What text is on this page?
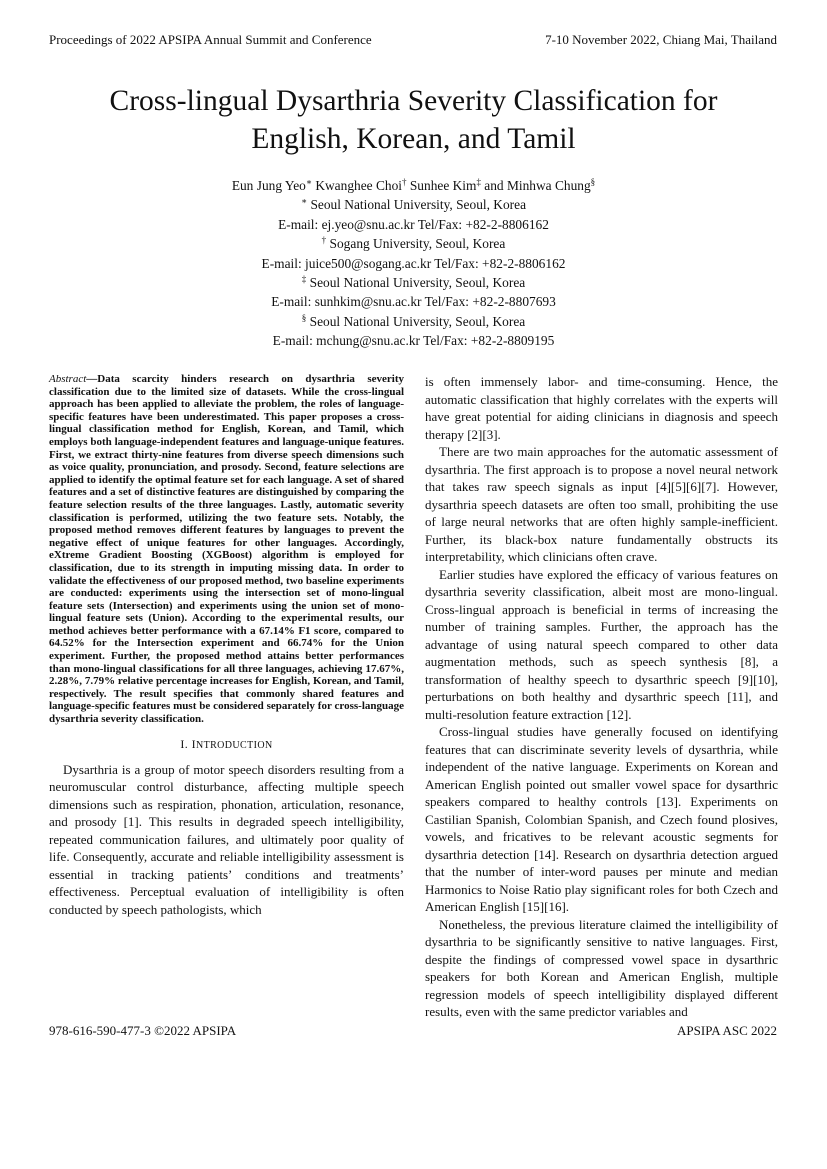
Proceedings of 2022 APSIPA Annual Summit and Conference	7-10 November 2022, Chiang Mai, Thailand
Cross-lingual Dysarthria Severity Classification for
English, Korean, and Tamil
Eun Jung Yeo∗ Kwanghee Choi† Sunhee Kim‡ and Minhwa Chung§
∗ Seoul National University, Seoul, Korea
E-mail: ej.yeo@snu.ac.kr Tel/Fax: +82-2-8806162
† Sogang University, Seoul, Korea
E-mail: juice500@sogang.ac.kr Tel/Fax: +82-2-8806162
‡ Seoul National University, Seoul, Korea
E-mail: sunhkim@snu.ac.kr Tel/Fax: +82-2-8807693
§ Seoul National University, Seoul, Korea
E-mail: mchung@snu.ac.kr Tel/Fax: +82-2-8809195

Abstract—Data scarcity hinders research on dysarthria severity classification due to the limited size of datasets. While the cross-lingual approach has been applied to alleviate the problem, the roles of language-specific features have been underestimated. This paper proposes a cross-lingual classification method for English, Korean, and Tamil, which employs both language-independent features and language-unique features. First, we extract thirty-nine features from diverse speech dimensions such as voice quality, pronunciation, and prosody. Second, feature selections are applied to identify the optimal feature set for each language. A set of shared features and a set of distinctive features are distinguished by comparing the feature selection results of the three languages. Lastly, automatic severity classification is performed, utilizing the two feature sets. Notably, the proposed method removes different features by languages to prevent the negative effect of unique features for other languages. Accordingly, eXtreme Gradient Boosting (XGBoost) algorithm is employed for classification, due to its strength in imputing missing data. In order to validate the effectiveness of our proposed method, two baseline experiments are conducted: experiments using the intersection set of mono-lingual feature sets (Intersection) and experiments using the union set of mono-lingual feature sets (Union). According to the experimental results, our method achieves better performance with a 67.14% F1 score, compared to 64.52% for the Intersection experiment and 66.74% for the Union experiment. Further, the proposed method attains better performances than mono-lingual classifications for all three languages, achieving 17.67%, 2.28%, 7.79% relative percentage increases for English, Korean, and Tamil, respectively. The result specifies that commonly shared features and language-specific features must be considered separately for cross-language dysarthria severity classification.

I. INTRODUCTION

Dysarthria is a group of motor speech disorders resulting from a neuromuscular control disturbance, affecting multiple speech dimensions such as respiration, phonation, articulation, resonance, and prosody [1]. This results in degraded speech intelligibility, repeated communication failures, and ultimately poor quality of life. Consequently, accurate and reliable intelligibility assessment is essential in tracking patients’ conditions and treatments’ effectiveness. Perceptual evaluation of intelligibility is often conducted by speech pathologists, which

is often immensely labor- and time-consuming. Hence, the automatic classification that highly correlates with the experts will have great potential for aiding clinicians in diagnosis and speech therapy [2][3].

There are two main approaches for the automatic assessment of dysarthria. The first approach is to propose a novel neural network that takes raw speech signals as input [4][5][6][7]. However, dysarthria speech datasets are often too small, prohibiting the use of large neural networks that are often highly sample-inefficient. Further, its black-box nature fundamentally obstructs its interpretability, which clinicians often crave.

Earlier studies have explored the efficacy of various features on dysarthria severity classification, albeit most are mono-lingual. Cross-lingual approach is beneficial in terms of increasing the number of training samples. Further, the approach has the advantage of using natural speech compared to other data augmentation methods, such as speech synthesis [8], a transformation of healthy speech to dysarthric speech [9][10], perturbations on both healthy and dysarthric speech [11], and multi-resolution feature extraction [12].

Cross-lingual studies have generally focused on identifying features that can discriminate severity levels of dysarthria, while independent of the native language. Experiments on Korean and American English pointed out smaller vowel space for dysarthric speakers compared to healthy controls [13]. Experiments on Castilian Spanish, Colombian Spanish, and Czech found plosives, vowels, and fricatives to be relevant acoustic segments for dysarthria detection [14]. Research on dysarthria detection argued that the number of inter-word pauses per minute and median Harmonics to Noise Ratio play significant roles for both Czech and American English [15][16].

Nonetheless, the previous literature claimed the intelligibility of dysarthria to be significantly sensitive to native languages. First, despite the findings of compressed vowel space in dysarthric speakers for both Korean and American English, multiple regression models of speech intelligibility displayed different results, even with the same predictor variables and

978-616-590-477-3 ©2022 APSIPA	APSIPA ASC 2022
